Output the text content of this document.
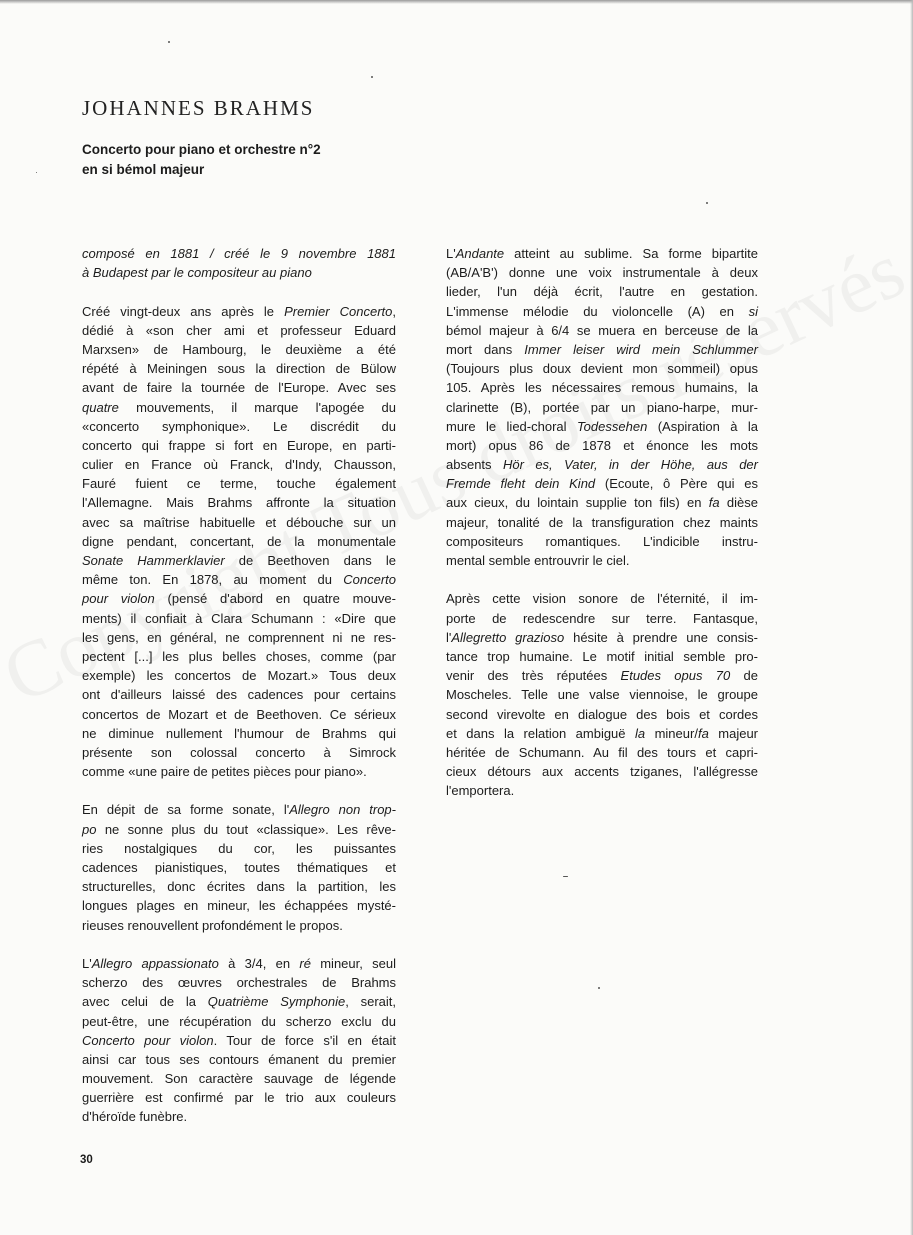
JOHANNES BRAHMS
Concerto pour piano et orchestre n°2
en si bémol majeur
composé en 1881 / créé le 9 novembre 1881
à Budapest par le compositeur au piano
Créé vingt-deux ans après le Premier Concerto,
dédié à «son cher ami et professeur Eduard
Marxsen» de Hambourg, le deuxième a été
répété à Meiningen sous la direction de Bülow
avant de faire la tournée de l'Europe. Avec ses
quatre mouvements, il marque l'apogée du
«concerto symphonique». Le discrédit du
concerto qui frappe si fort en Europe, en parti-
culier en France où Franck, d'Indy, Chausson,
Fauré fuient ce terme, touche également
l'Allemagne. Mais Brahms affronte la situation
avec sa maîtrise habituelle et débouche sur un
digne pendant, concertant, de la monumentale
Sonate Hammerklavier de Beethoven dans le
même ton. En 1878, au moment du Concerto
pour violon (pensé d'abord en quatre mouve-
ments) il confiait à Clara Schumann : «Dire que
les gens, en général, ne comprennent ni ne res-
pectent [...] les plus belles choses, comme (par
exemple) les concertos de Mozart.» Tous deux
ont d'ailleurs laissé des cadences pour certains
concertos de Mozart et de Beethoven. Ce sérieux
ne diminue nullement l'humour de Brahms qui
présente son colossal concerto à Simrock
comme «une paire de petites pièces pour piano».
En dépit de sa forme sonate, l'Allegro non trop-
po ne sonne plus du tout «classique». Les rêve-
ries nostalgiques du cor, les puissantes
cadences pianistiques, toutes thématiques et
structurelles, donc écrites dans la partition, les
longues plages en mineur, les échappées mysté-
rieuses renouvellent profondément le propos.
L'Allegro appassionato à 3/4, en ré mineur, seul
scherzo des œuvres orchestrales de Brahms
avec celui de la Quatrième Symphonie, serait,
peut-être, une récupération du scherzo exclu du
Concerto pour violon. Tour de force s'il en était
ainsi car tous ses contours émanent du premier
mouvement. Son caractère sauvage de légende
guerrière est confirmé par le trio aux couleurs
d'héroïde funèbre.
L'Andante atteint au sublime. Sa forme bipartite
(AB/A'B') donne une voix instrumentale à deux
lieder, l'un déjà écrit, l'autre en gestation.
L'immense mélodie du violoncelle (A) en si
bémol majeur à 6/4 se muera en berceuse de la
mort dans Immer leiser wird mein Schlummer
(Toujours plus doux devient mon sommeil) opus
105. Après les nécessaires remous humains, la
clarinette (B), portée par un piano-harpe, mur-
mure le lied-choral Todessehen (Aspiration à la
mort) opus 86 de 1878 et énonce les mots
absents Hör es, Vater, in der Höhe, aus der
Fremde fleht dein Kind (Ecoute, ô Père qui es
aux cieux, du lointain supplie ton fils) en fa dièse
majeur, tonalité de la transfiguration chez maints
compositeurs romantiques. L'indicible instru-
mental semble entrouvrir le ciel.
Après cette vision sonore de l'éternité, il im-
porte de redescendre sur terre. Fantasque,
l'Allegretto grazioso hésite à prendre une consis-
tance trop humaine. Le motif initial semble pro-
venir des très réputées Etudes opus 70 de
Moscheles. Telle une valse viennoise, le groupe
second virevolte en dialogue des bois et cordes
et dans la relation ambiguë la mineur/fa majeur
héritée de Schumann. Au fil des tours et capri-
cieux détours aux accents tziganes, l'allégresse
l'emportera.
30
